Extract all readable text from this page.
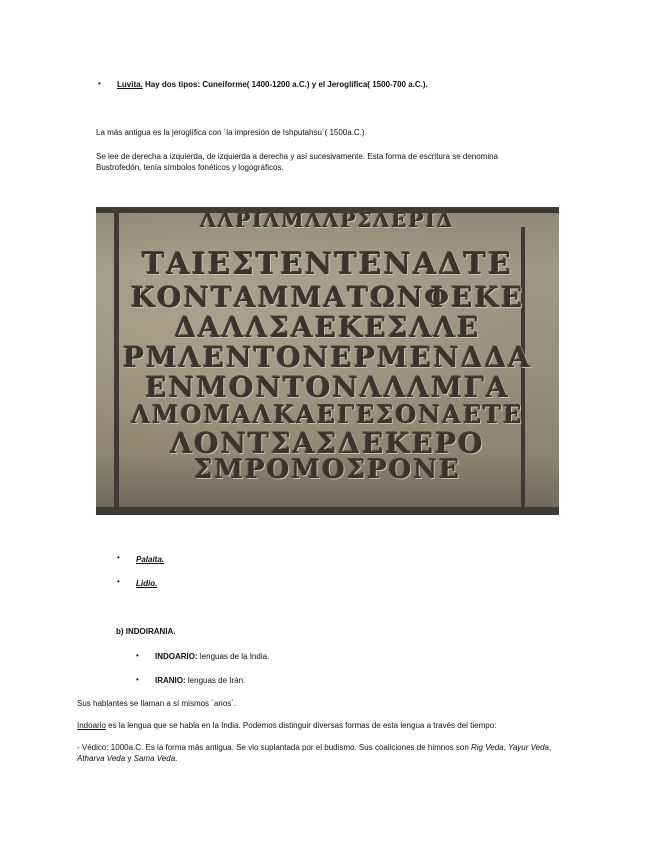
• Luvita. Hay dos tipos: Cuneiforme( 1400-1200 a.C.) y el Jeroglífica( 1500-700 a.C.).
La más antigua es la jeroglífica con ´la impresión de Ishputahsu´( 1500a.C.)
Se lee de derecha a izquierda, de izquierda a derecha y así sucesivamente. Esta forma de escritura se denomina
Bustrofedón, tenía símbolos fonéticos y logográficos.
ΛΛΡΙΛΜΛΛΡΣΛΕΡΙΔ
ΤΑΙΕΣΤΕΝΤΕΝΑΔΤΕ
ΚΟΝΤΑΜΜΑΤΩΝΦΕΚΕ
ΔΑΛΛΣΑΕΚΕΣΛΛΕ
ΡΜΛΕΝΤΟΝΕΡΜΕΝΔΔΑ
ΕΝΜΟΝΤΟΝΛΛΛΜΓΑ
ΛΜΟΜΑΛΚΑΕΓΕΣΟΝΑΕΤΕ
ΛΟΝΤΣΑΣΔΕΚΕΡΟ
ΣΜΡΟΜΟΣΡΟΝΕ
• Palaíta.
• Lidio.
b) INDOIRANIA.
• INDOARIO: lenguas de la India.
• IRANIO: lenguas de Irán.
Sus hablantes se llaman a sí mismos ´arios´.
Indoario es la lengua que se habla en la India. Podemos distinguir diversas formas de esta lengua a través del tiempo:
- Védico: 1000a.C. Es la forma más antigua. Se vio suplantada por el budismo. Sus coaliciones de himnos son Rig Veda, Yayur Veda, Atharva Veda y Sama Veda.
